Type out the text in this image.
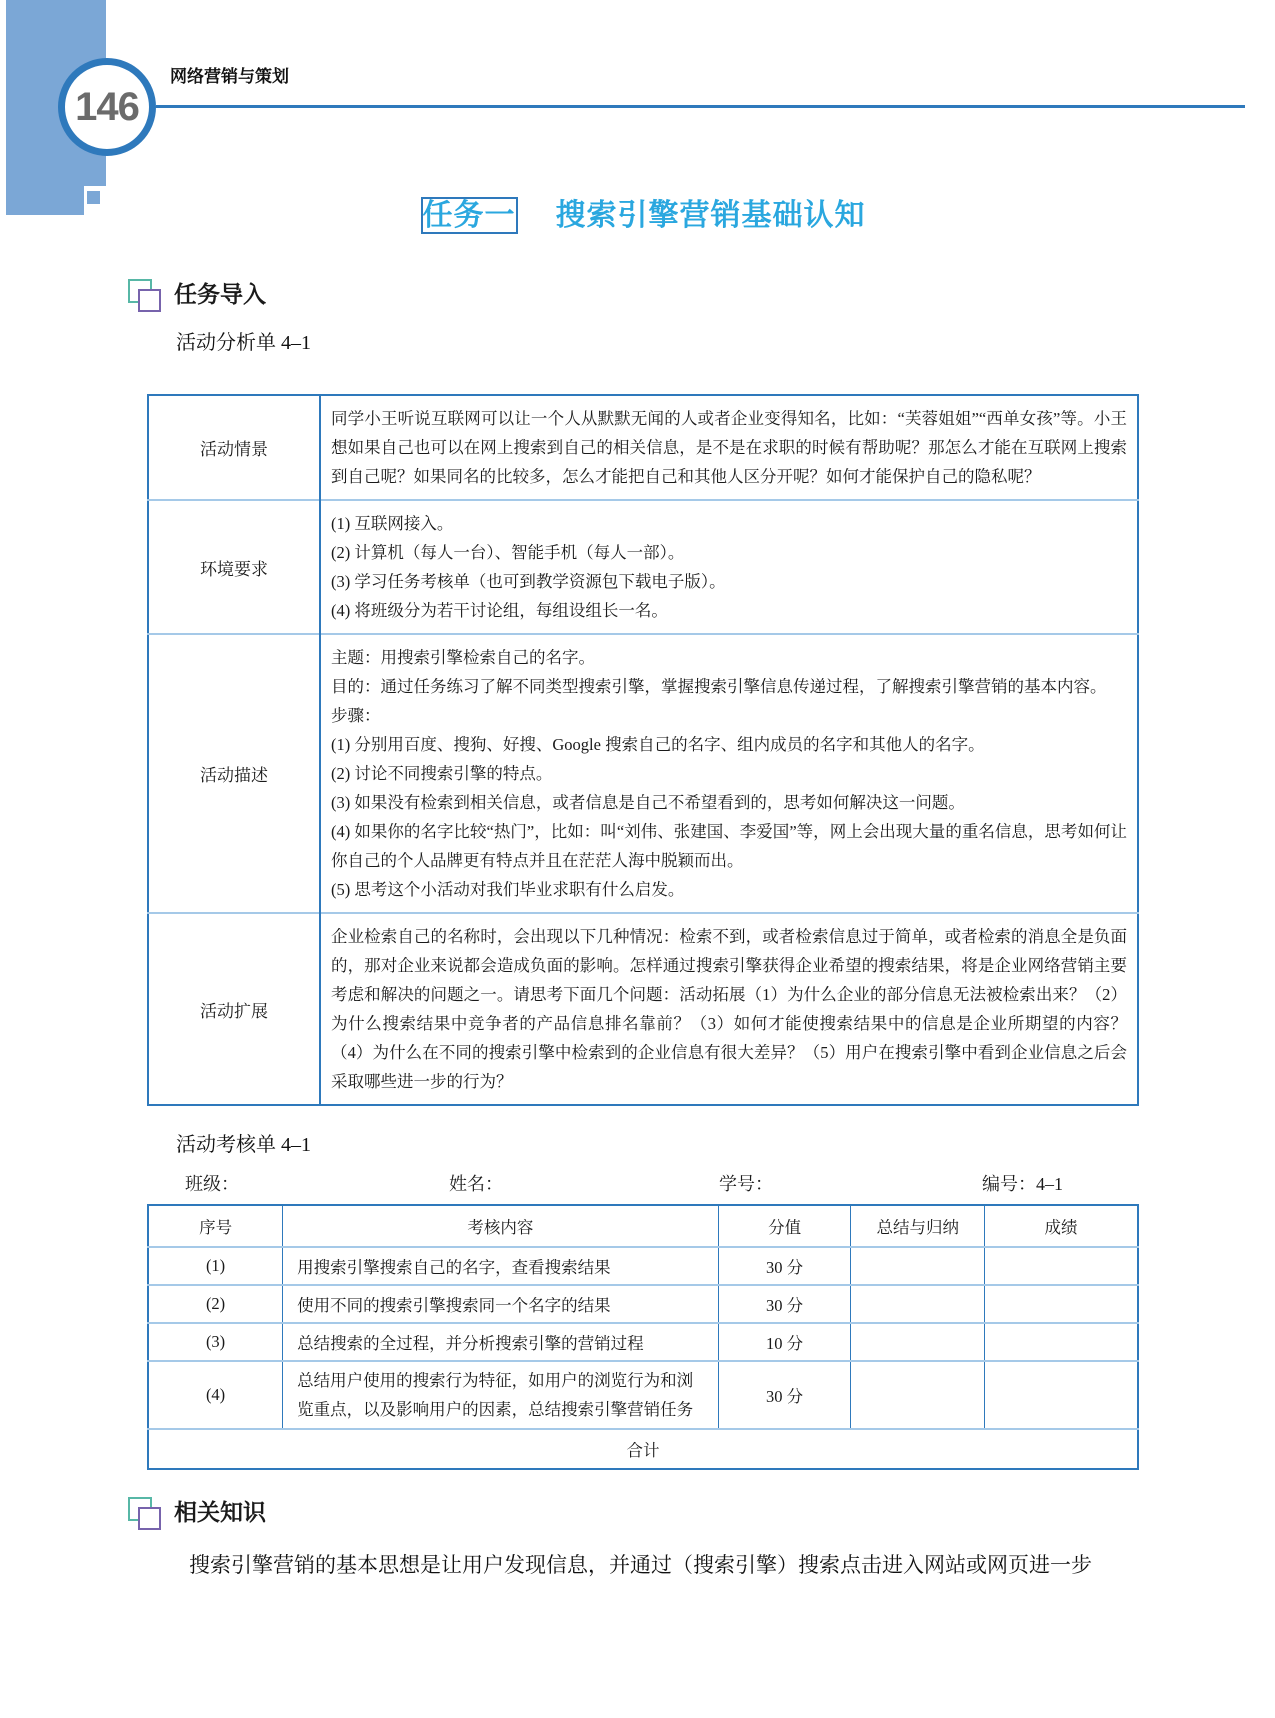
146
网络营销与策划
任务一 搜索引擎营销基础认知
任务导入
活动分析单 4–1
活动情景	同学小王听说互联网可以让一个人从默默无闻的人或者企业变得知名，比如：“芙蓉姐姐”“西单女孩”等。小王想如果自己也可以在网上搜索到自己的相关信息，是不是在求职的时候有帮助呢？那怎么才能在互联网上搜索到自己呢？如果同名的比较多，怎么才能把自己和其他人区分开呢？如何才能保护自己的隐私呢？

环境要求	(1) 互联网接入。

(2) 计算机（每人一台）、智能手机（每人一部）。

(3) 学习任务考核单（也可到教学资源包下载电子版）。

(4) 将班级分为若干讨论组，每组设组长一名。

活动描述	

主题：用搜索引擎检索自己的名字。

目的：通过任务练习了解不同类型搜索引擎，掌握搜索引擎信息传递过程，了解搜索引擎营销的基本内容。

步骤：

(1) 分别用百度、搜狗、好搜、Google 搜索自己的名字、组内成员的名字和其他人的名字。

(2) 讨论不同搜索引擎的特点。

(3) 如果没有检索到相关信息，或者信息是自己不希望看到的，思考如何解决这一问题。

(4) 如果你的名字比较“热门”，比如：叫“刘伟、张建国、李爱国”等，网上会出现大量的重名信息，思考如何让你自己的个人品牌更有特点并且在茫茫人海中脱颖而出。

(5) 思考这个小活动对我们毕业求职有什么启发。

活动扩展	企业检索自己的名称时，会出现以下几种情况：检索不到，或者检索信息过于简单，或者检索的消息全是负面的，那对企业来说都会造成负面的影响。怎样通过搜索引擎获得企业希望的搜索结果，将是企业网络营销主要考虑和解决的问题之一。请思考下面几个问题：活动拓展（1）为什么企业的部分信息无法被检索出来？（2）为什么搜索结果中竞争者的产品信息排名靠前？（3）如何才能使搜索结果中的信息是企业所期望的内容？（4）为什么在不同的搜索引擎中检索到的企业信息有很大差异？（5）用户在搜索引擎中看到企业信息之后会采取哪些进一步的行为？

活动考核单 4–1
班级：	姓名：	学号：	编号：4–1
序号	考核内容	分值	总结与归纳	成绩
(1)	用搜索引擎搜索自己的名字，查看搜索结果	30 分		
(2)	使用不同的搜索引擎搜索同一个名字的结果	30 分		
(3)	总结搜索的全过程，并分析搜索引擎的营销过程	10 分		
(4)	总结用户使用的搜索行为特征，如用户的浏览行为和浏览重点，以及影响用户的因素，总结搜索引擎营销任务	30 分		
合计				
相关知识
搜索引擎营销的基本思想是让用户发现信息，并通过（搜索引擎）搜索点击进入网站或网页进一步
